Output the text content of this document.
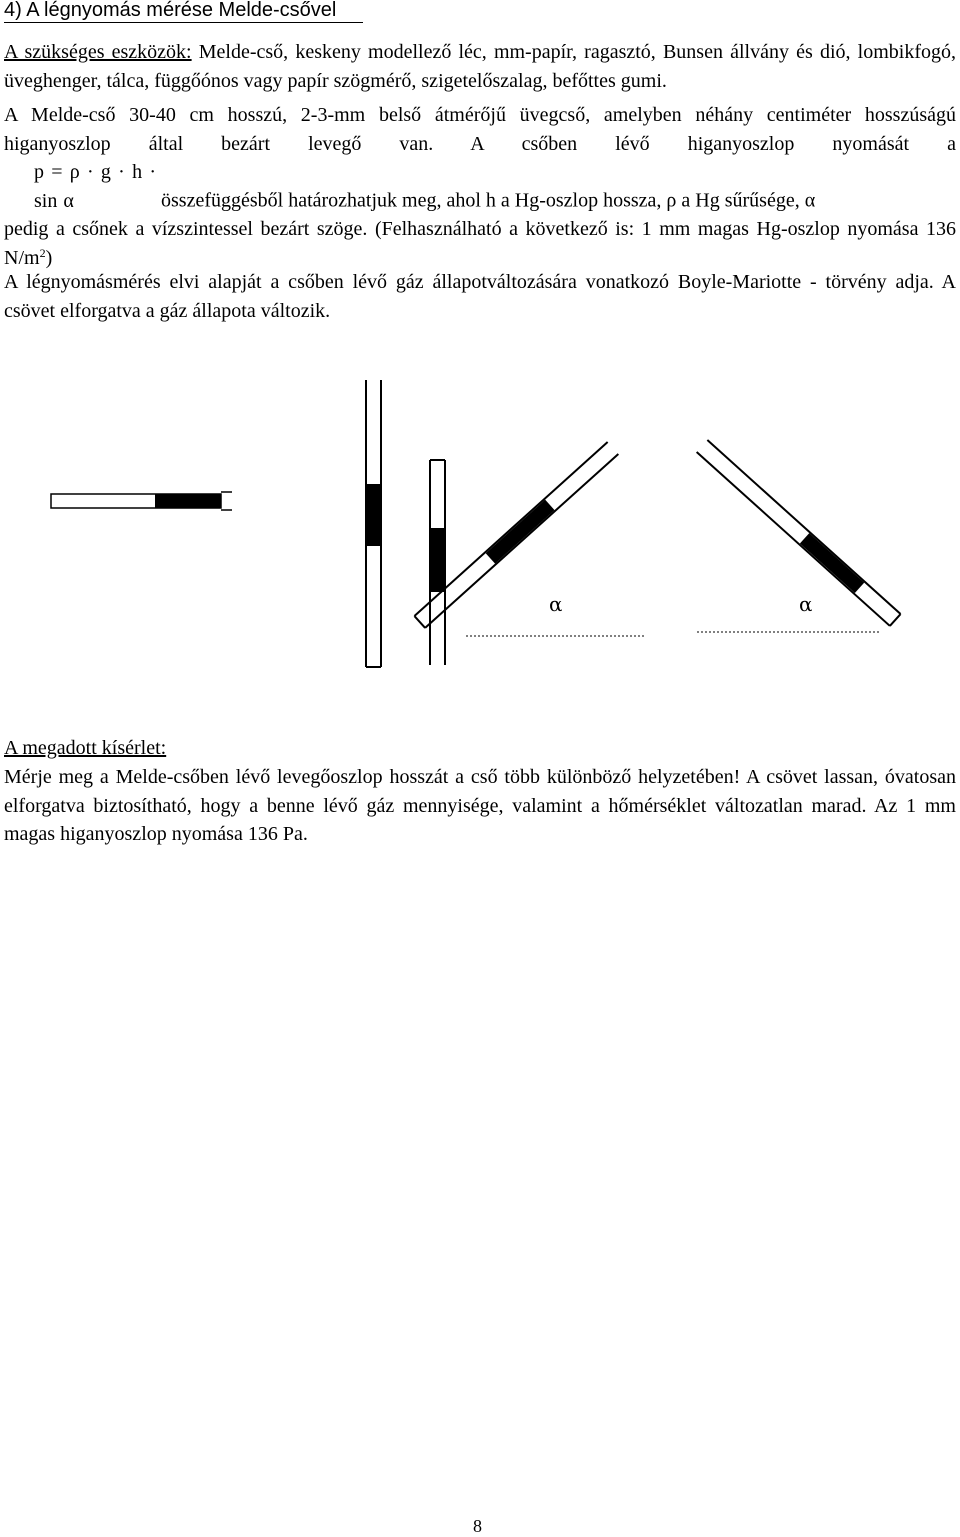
4) A légnyomás mérése Melde-csővel
A szükséges eszközök: Melde-cső, keskeny modellező léc, mm-papír, ragasztó, Bunsen állvány és dió, lombikfogó, üveghenger, tálca, függőónos vagy papír szögmérő, szigetelőszalag, befőttes gumi.
A Melde-cső 30-40 cm hosszú, 2-3-mm belső átmérőjű üvegcső, amelyben néhány centiméter hosszúságú higanyoszlop által bezárt levegő van. A csőben lévő higanyoszlop nyomását a
p = ρ · g · h · sin α	összefüggésből határozhatjuk meg, ahol h a Hg-oszlop hossza, ρ a Hg sűrűsége, α
pedig a csőnek a vízszintessel bezárt szöge. (Felhasználható a következő is: 1 mm magas Hg-oszlop nyomása 136 $N/m^2$)
A légnyomásmérés elvi alapját a csőben lévő gáz állapotváltozására vonatkozó Boyle-Mariotte - törvény adja. A csövet elforgatva a gáz állapota változik.
α	α
A megadott kísérlet:
Mérje meg a Melde-csőben lévő levegőoszlop hosszát a cső több különböző helyzetében! A csövet lassan, óvatosan elforgatva biztosítható, hogy a benne lévő gáz mennyisége, valamint a hőmérséklet változatlan marad. Az 1 mm magas higanyoszlop nyomása 136 Pa.
8
